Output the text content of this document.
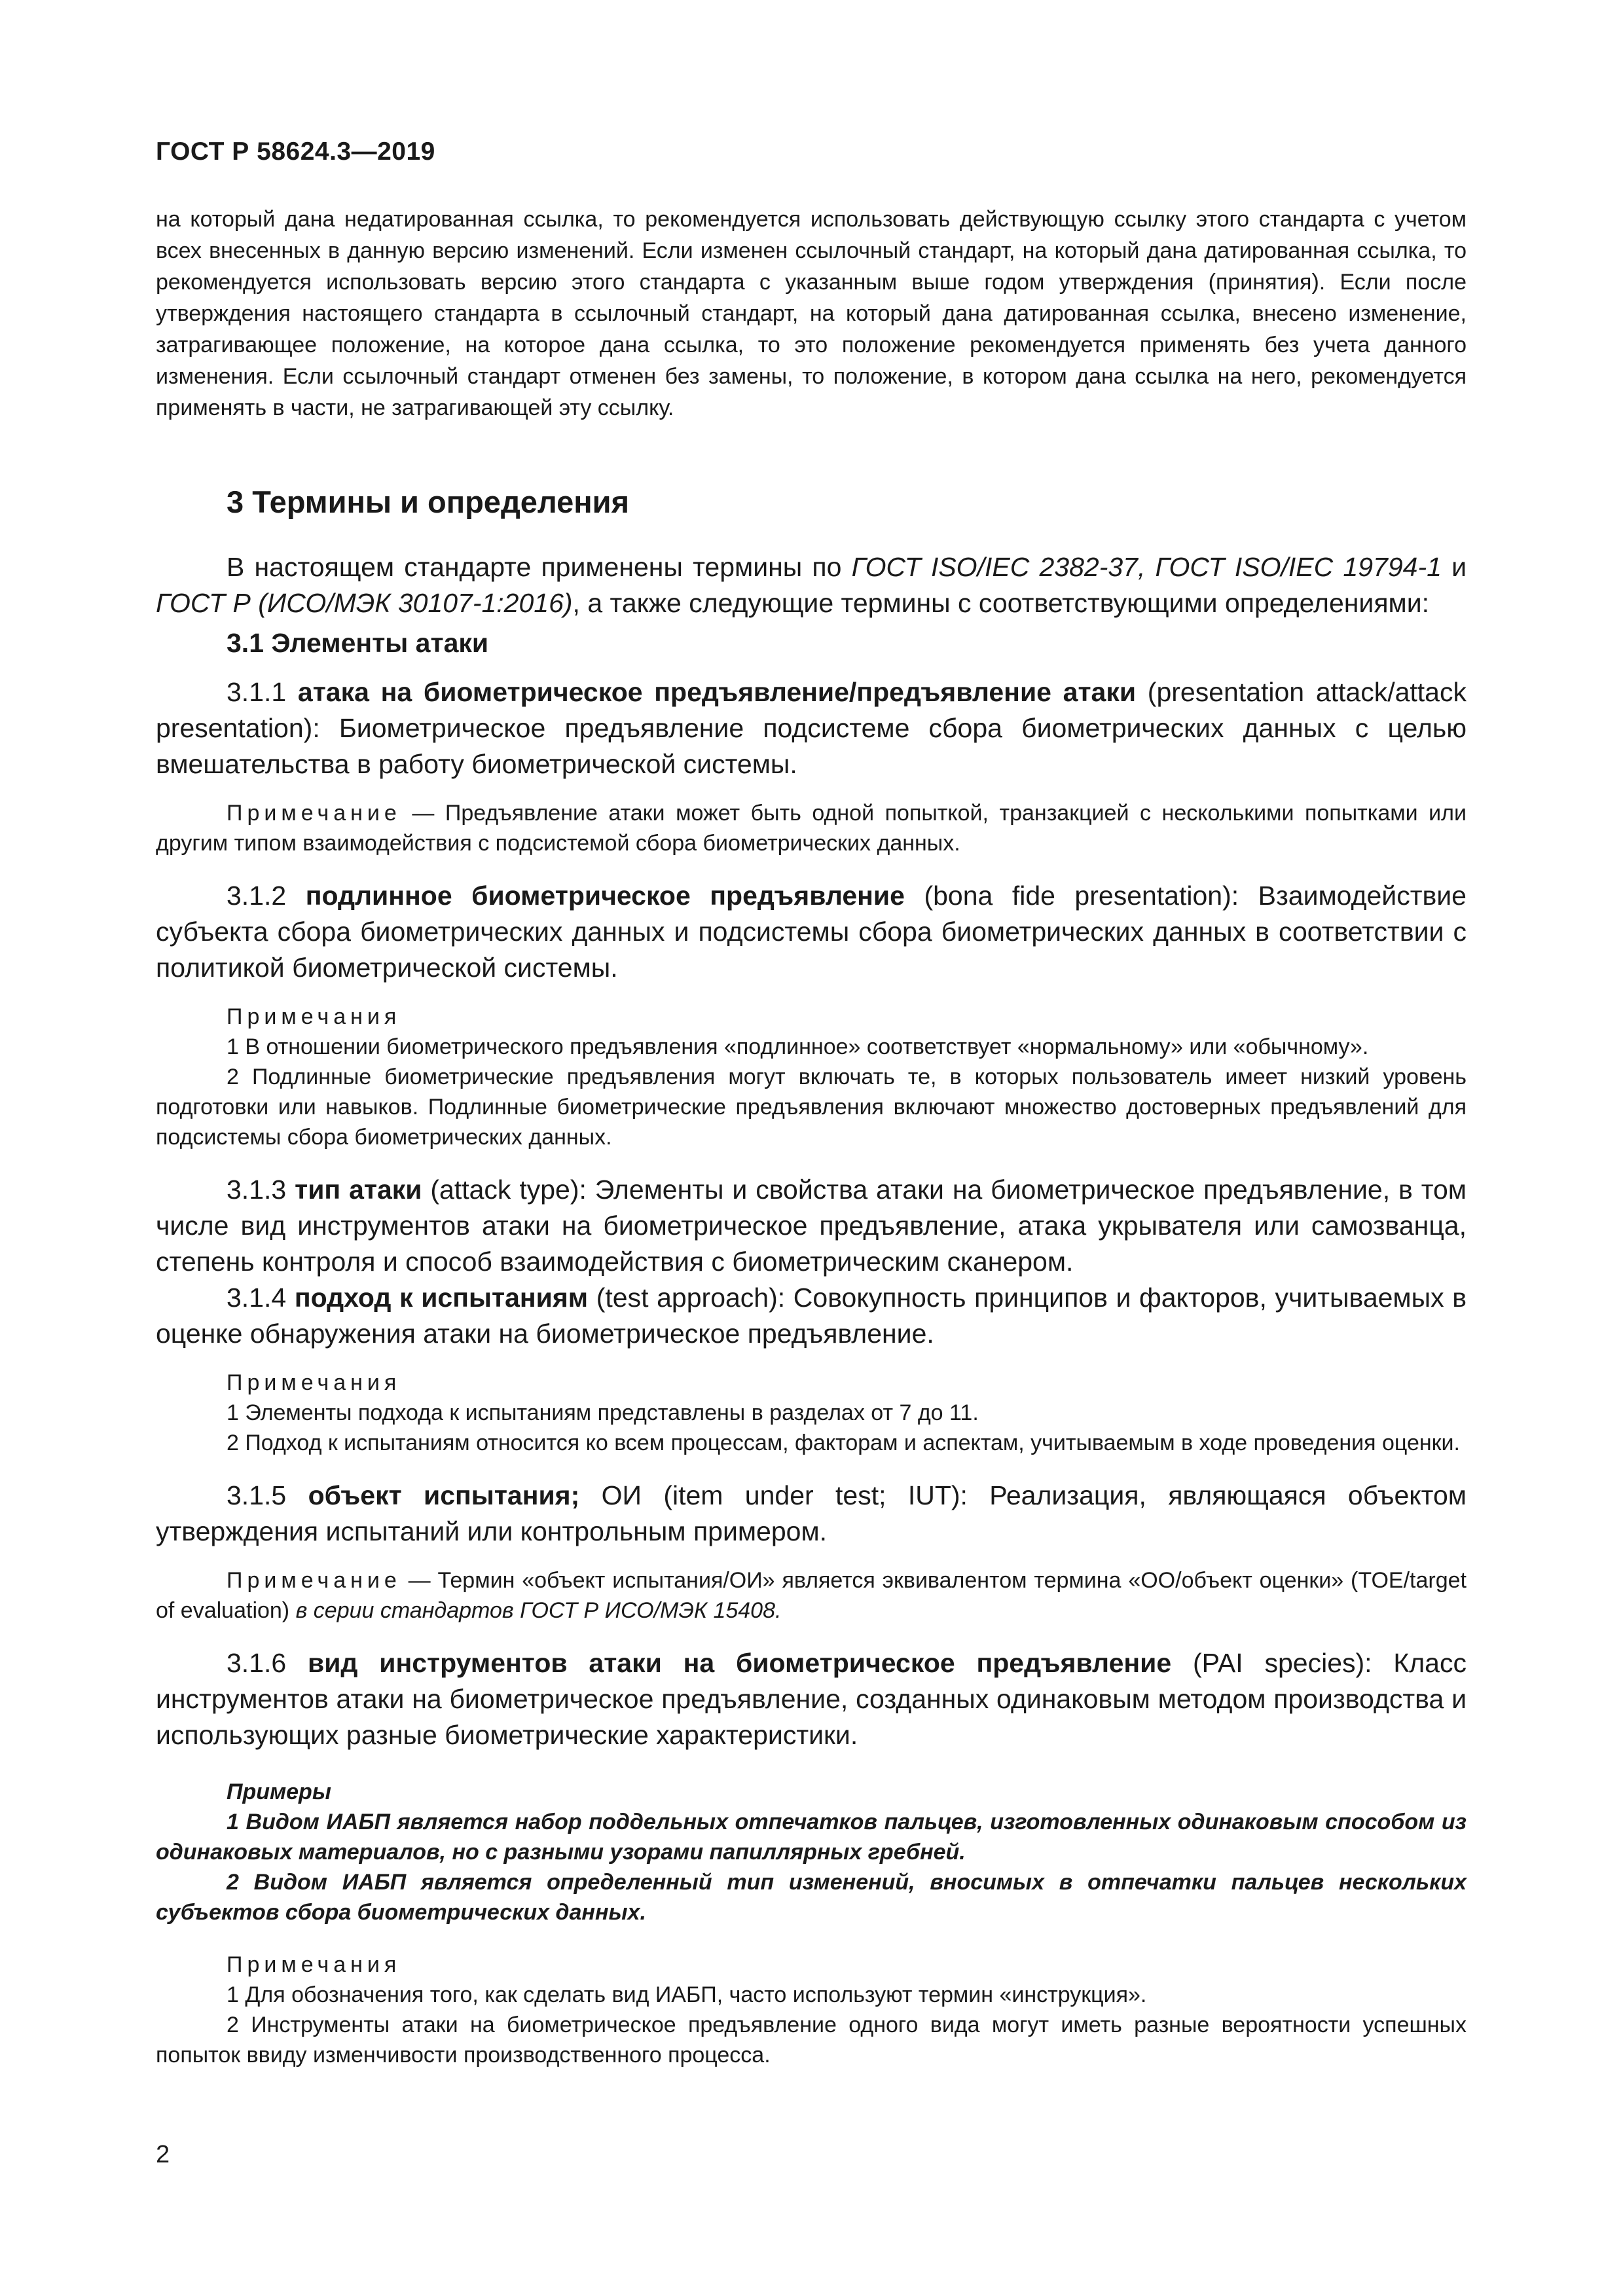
ГОСТ Р 58624.3—2019

на который дана недатированная ссылка, то рекомендуется использовать действующую ссылку этого стандарта с учетом всех внесенных в данную версию изменений. Если изменен ссылочный стандарт, на который дана датированная ссылка, то рекомендуется использовать версию этого стандарта с указанным выше годом утверждения (принятия). Если после утверждения настоящего стандарта в ссылочный стандарт, на который дана датированная ссылка, внесено изменение, затрагивающее положение, на которое дана ссылка, то это положение рекомендуется применять без учета данного изменения. Если ссылочный стандарт отменен без замены, то положение, в котором дана ссылка на него, рекомендуется применять в части, не затрагивающей эту ссылку.

3 Термины и определения

В настоящем стандарте применены термины по ГОСТ ISO/IEC 2382-37, ГОСТ ISO/IEC 19794-1 и ГОСТ Р (ИСО/МЭК 30107-1:2016), а также следующие термины с соответствующими определениями:

3.1 Элементы атаки

3.1.1 атака на биометрическое предъявление/предъявление атаки (presentation attack/attack presentation): Биометрическое предъявление подсистеме сбора биометрических данных с целью вмешательства в работу биометрической системы.

Примечание — Предъявление атаки может быть одной попыткой, транзакцией с несколькими попытками или другим типом взаимодействия с подсистемой сбора биометрических данных.

3.1.2 подлинное биометрическое предъявление (bona fide presentation): Взаимодействие субъекта сбора биометрических данных и подсистемы сбора биометрических данных в соответствии с политикой биометрической системы.

Примечания

1 В отношении биометрического предъявления «подлинное» соответствует «нормальному» или «обычному».

2 Подлинные биометрические предъявления могут включать те, в которых пользователь имеет низкий уровень подготовки или навыков. Подлинные биометрические предъявления включают множество достоверных предъявлений для подсистемы сбора биометрических данных.

3.1.3 тип атаки (attack type): Элементы и свойства атаки на биометрическое предъявление, в том числе вид инструментов атаки на биометрическое предъявление, атака укрывателя или самозванца, степень контроля и способ взаимодействия с биометрическим сканером.

3.1.4 подход к испытаниям (test approach): Совокупность принципов и факторов, учитываемых в оценке обнаружения атаки на биометрическое предъявление.

Примечания

1 Элементы подхода к испытаниям представлены в разделах от 7 до 11.

2 Подход к испытаниям относится ко всем процессам, факторам и аспектам, учитываемым в ходе проведения оценки.

3.1.5 объект испытания; ОИ (item under test; IUT): Реализация, являющаяся объектом утверждения испытаний или контрольным примером.

Примечание — Термин «объект испытания/ОИ» является эквивалентом термина «ОО/объект оценки» (TOE/target of evaluation) в серии стандартов ГОСТ Р ИСО/МЭК 15408.

3.1.6 вид инструментов атаки на биометрическое предъявление (PAI species): Класс инструментов атаки на биометрическое предъявление, созданных одинаковым методом производства и использующих разные биометрические характеристики.

Примеры

1 Видом ИАБП является набор поддельных отпечатков пальцев, изготовленных одинаковым способом из одинаковых материалов, но с разными узорами папиллярных гребней.

2 Видом ИАБП является определенный тип изменений, вносимых в отпечатки пальцев нескольких субъектов сбора биометрических данных.

Примечания

1 Для обозначения того, как сделать вид ИАБП, часто используют термин «инструкция».

2 Инструменты атаки на биометрическое предъявление одного вида могут иметь разные вероятности успешных попыток ввиду изменчивости производственного процесса.

2
